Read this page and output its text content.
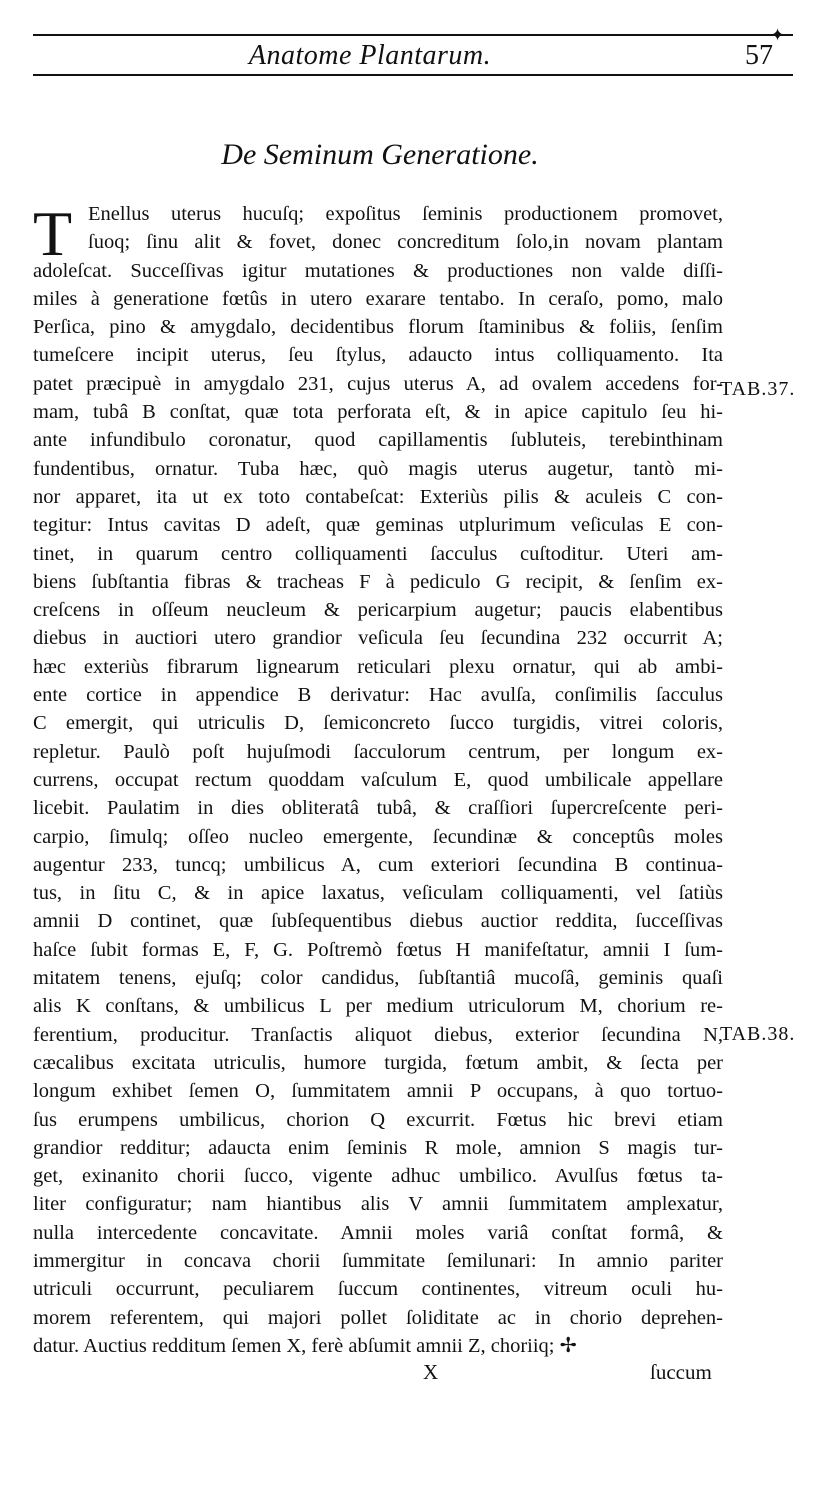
✦
Anatome Plantarum.	57
De Seminum Generatione.
T Enellus uterus hucuſq; expoſitus ſeminis productionem promovet,
ſuoq; ſinu alit & fovet, donec concreditum ſolo,in novam plantam
adoleſcat. Succeſſivas igitur mutationes & productiones non valde diſſi-
miles à generatione fœtûs in utero exarare tentabo. In ceraſo, pomo, malo
Perſica, pino & amygdalo, decidentibus florum ſtaminibus & foliis, ſenſim
tumeſcere incipit uterus, ſeu ſtylus, adaucto intus colliquamento. Ita
patet præcipuè in amygdalo 231, cujus uterus A, ad ovalem accedens for-
mam, tubâ B conſtat, quæ tota perforata eſt, & in apice capitulo ſeu hi-
ante infundibulo coronatur, quod capillamentis ſubluteis, terebinthinam
fundentibus, ornatur. Tuba hæc, quò magis uterus augetur, tantò mi-
nor apparet, ita ut ex toto contabeſcat: Exteriùs pilis & aculeis C con-
tegitur: Intus cavitas D adeſt, quæ geminas utplurimum veſiculas E con-
tinet, in quarum centro colliquamenti ſacculus cuſtoditur. Uteri am-
biens ſubſtantia fibras & tracheas F à pediculo G recipit, & ſenſim ex-
creſcens in oſſeum neucleum & pericarpium augetur; paucis elabentibus
diebus in auctiori utero grandior veſicula ſeu ſecundina 232 occurrit A;
hæc exteriùs fibrarum lignearum reticulari plexu ornatur, qui ab ambi-
ente cortice in appendice B derivatur: Hac avulſa, conſimilis ſacculus
C emergit, qui utriculis D, ſemiconcreto ſucco turgidis, vitrei coloris,
repletur. Paulò poſt hujuſmodi ſacculorum centrum, per longum ex-
currens, occupat rectum quoddam vaſculum E, quod umbilicale appellare
licebit. Paulatim in dies obliteratâ tubâ, & craſſiori ſupercreſcente peri-
carpio, ſimulq; oſſeo nucleo emergente, ſecundinæ & conceptûs moles
augentur 233, tuncq; umbilicus A, cum exteriori ſecundina B continua-
tus, in ſitu C, & in apice laxatus, veſiculam colliquamenti, vel ſatiùs
amnii D continet, quæ ſubſequentibus diebus auctior reddita, ſucceſſivas
haſce ſubit formas E, F, G. Poſtremò fœtus H manifeſtatur, amnii I ſum-
mitatem tenens, ejuſq; color candidus, ſubſtantiâ mucoſâ, geminis quaſi
alis K conſtans, & umbilicus L per medium utriculorum M, chorium re-
ferentium, producitur. Tranſactis aliquot diebus, exterior ſecundina N,
cæcalibus excitata utriculis, humore turgida, fœtum ambit, & ſecta per
longum exhibet ſemen O, ſummitatem amnii P occupans, à quo tortuo-
ſus erumpens umbilicus, chorion Q excurrit. Fœtus hic brevi etiam
grandior redditur; adaucta enim ſeminis R mole, amnion S magis tur-
get, exinanito chorii ſucco, vigente adhuc umbilico. Avulſus fœtus ta-
liter configuratur; nam hiantibus alis V amnii ſummitatem amplexatur,
nulla intercedente concavitate. Amnii moles variâ conſtat formâ, &
immergitur in concava chorii ſummitate ſemilunari: In amnio pariter
utriculi occurrunt, peculiarem ſuccum continentes, vitreum oculi hu-
morem referentem, qui majori pollet ſoliditate ac in chorio deprehen-
datur. Auctius redditum ſemen X, ferè abſumit amnii Z, choriiq; ✢
TAB.37.
TAB.38.
X	ſuccum
